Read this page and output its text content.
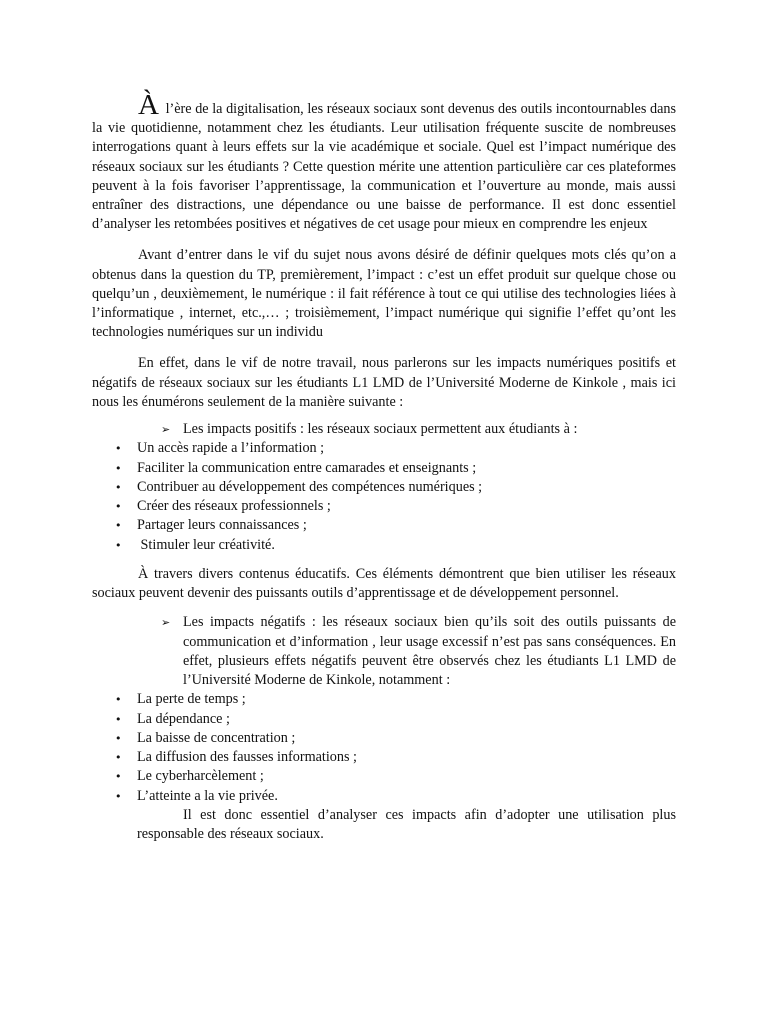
À l’ère de la digitalisation, les réseaux sociaux sont devenus des outils incontournables dans la vie quotidienne, notamment chez les étudiants. Leur utilisation fréquente suscite de nombreuses interrogations quant à leurs effets sur la vie académique et sociale. Quel est l’impact numérique des réseaux sociaux sur les étudiants ? Cette question mérite une attention particulière car ces plateformes peuvent à la fois favoriser l’apprentissage, la communication et l’ouverture au monde, mais aussi entraîner des distractions, une dépendance ou une baisse de performance. Il est donc essentiel d’analyser les retombées positives et négatives de cet usage pour mieux en comprendre les enjeux

Avant d’entrer dans le vif du sujet nous avons désiré de définir quelques mots clés qu’on a obtenus dans la question du TP, premièrement, l’impact : c’est un effet produit sur quelque chose ou quelqu’un , deuxièmement, le numérique : il fait référence à tout ce qui utilise des technologies liées à l’informatique , internet, etc.,… ; troisièmement, l’impact numérique qui signifie l’effet qu’ont les technologies numériques sur un individu

En effet, dans le vif de notre travail, nous parlerons sur les impacts numériques positifs et négatifs de réseaux sociaux sur les étudiants L1 LMD de l’Université Moderne de Kinkole , mais ici nous les énumérons seulement de la manière suivante :

➢ Les impacts positifs : les réseaux sociaux permettent aux étudiants à :
• Un accès rapide a l’information ;
• Faciliter la communication entre camarades et enseignants ;
• Contribuer au développement des compétences numériques ;
• Créer des réseaux professionnels ;
• Partager leurs connaissances ;
• Stimuler leur créativité.

À travers divers contenus éducatifs. Ces éléments démontrent que bien utiliser les réseaux sociaux peuvent devenir des puissants outils d’apprentissage et de développement personnel.

➢ Les impacts négatifs : les réseaux sociaux bien qu’ils soit des outils puissants de communication et d’information , leur usage excessif n’est pas sans conséquences. En effet, plusieurs effets négatifs peuvent être observés chez les étudiants L1 LMD de l’Université Moderne de Kinkole, notamment :
• La perte de temps ;
• La dépendance ;
• La baisse de concentration ;
• La diffusion des fausses informations ;
• Le cyberharcèlement ;
• L’atteinte a la vie privée.

Il est donc essentiel d’analyser ces impacts afin d’adopter une utilisation plus responsable des réseaux sociaux.
